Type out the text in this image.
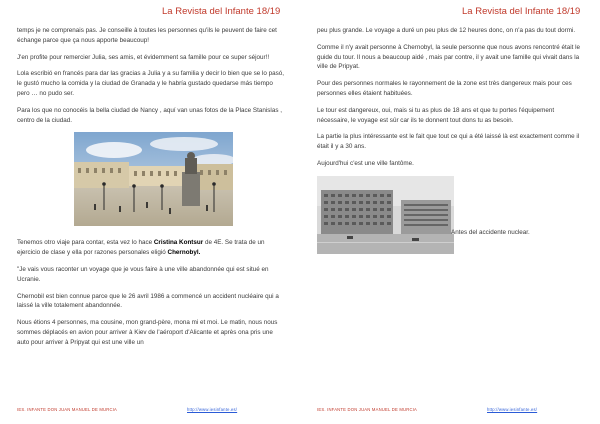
La Revista del Infante 18/19

temps je ne comprenais pas. Je conseille à toutes les personnes qu'ils le peuvent de faire cet échange parce que ça nous apporte beaucoup!

J'en profite pour remercier Julia, ses amis, et évidemment sa famille pour ce super séjour!!

Lola escribió en francés para dar las gracias a Julia y a su familia y decir lo bien que se lo pasó, le gustó mucho la comida y la ciudad de Granada y le habría gustado quedarse más tiempo pero … no pudo ser.

Para los que no conocéis la bella ciudad de Nancy , aquí van unas fotos de la Place Stanislas , centro de la ciudad.

Tenemos otro viaje para contar, esta vez lo hace Cristina Kontsur de 4E. Se trata de un ejercicio de clase y ella por razones personales eligió Chernobyl.

"Je vais vous raconter un voyage que je vous faire à une ville abandonnée qui est situé en Ucranie.

Chernobil est bien connue parce que le 26 avril 1986 a commencé un accident nucléaire qui a laissé la ville totalement abandonnée.

Nous étions 4 personnes, ma cousine, mon grand-père, mona mi et moi. Le matin, nous nous sommes déplacés en avion pour arriver à Kiev de l'aéroport d'Alicante et après ona pris une auto pour arriver à Pripyat qui est une ville un

IES. INFANTE DON JUAN MANUEL DE MURCIA	http://www.iesinfante.es/
La Revista del Infante 18/19

peu plus grande. Le voyage a duré un peu plus de 12 heures donc, on n'a pas du tout dormi.

Comme il n'y avait personne à Chernobyl, la seule personne que nous avons rencontré était le guide du tour. Il nous a beaucoup aidé , mais par contre, il y avait une famille qui vivait dans la ville de Pripyat.

Pour des personnes normales le rayonnement de la zone est très dangereux mais pour ces personnes elles étaient habituées.

Le tour est dangereux, oui, mais si tu as plus de 18 ans et que tu portes l'équipement nécessaire, le voyage est sûr car ils te donnent tout dons tu as besoin.

La partie la plus intéressante est le fait que tout ce qui a été laissé là est exactement comme il était il y a 30 ans.

Aujourd'hui c'est une ville fantôme.

Antes del accidente nuclear.
IES. INFANTE DON JUAN MANUEL DE MURCIA	http://www.iesinfante.es/
